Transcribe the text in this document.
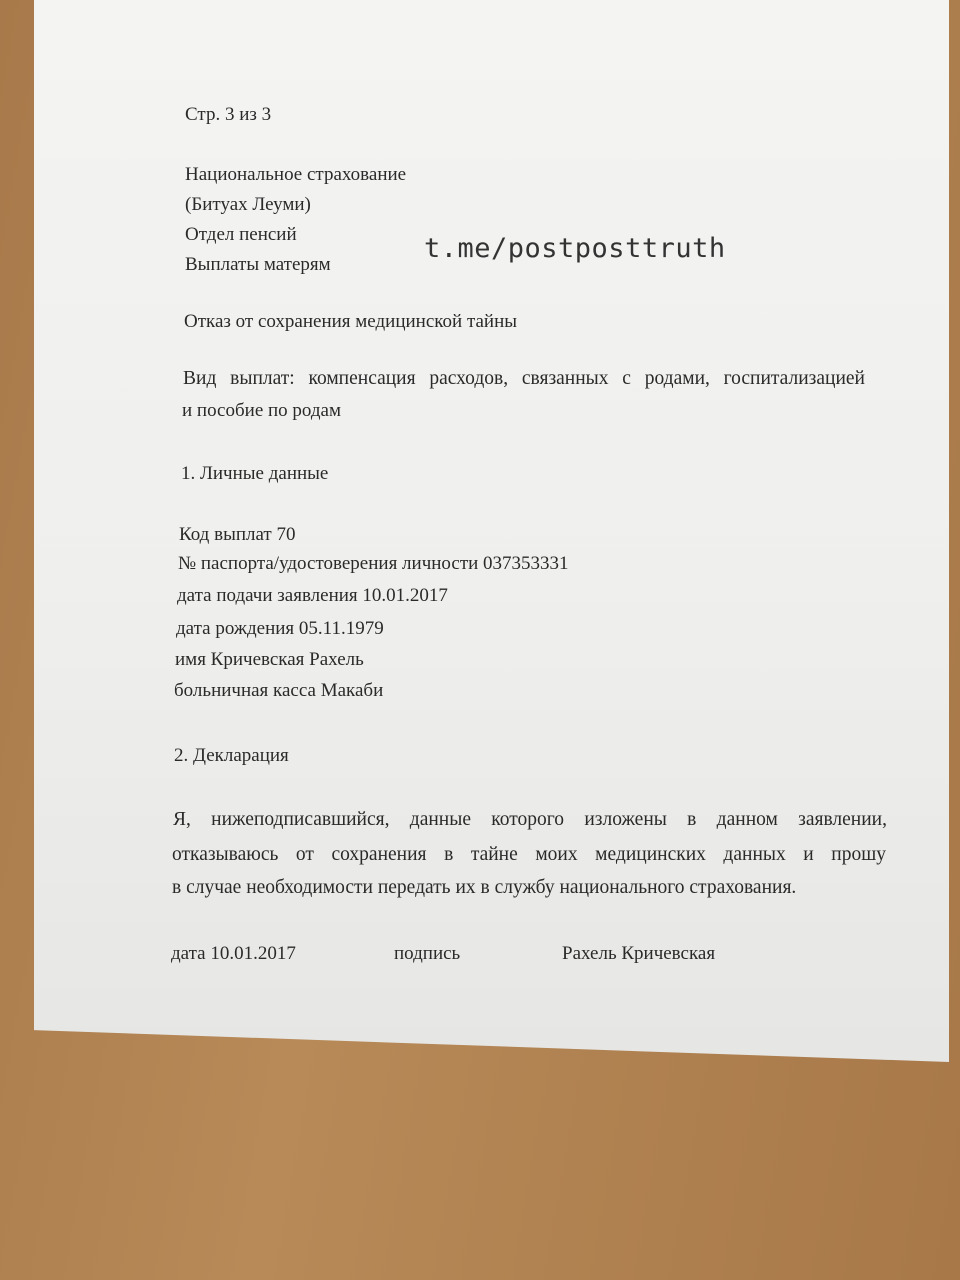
Стр. 3 из 3
Национальное страхование
(Битуах Леуми)
Отдел пенсий
Выплаты матерям
t.me/postposttruth
Отказ от сохранения медицинской тайны
Вид выплат: компенсация расходов, связанных с родами, госпитализацией
и пособие по родам
1. Личные данные
Код выплат 70
№ паспорта/удостоверения личности 037353331
дата подачи заявления 10.01.2017
дата рождения 05.11.1979
имя Кричевская Рахель
больничная касса Макаби
2. Декларация
Я, нижеподписавшийся, данные которого изложены в данном заявлении,
отказываюсь от сохранения в тайне моих медицинских данных и прошу
в случае необходимости передать их в службу национального страхования.
дата 10.01.2017	подпись	Рахель Кричевская
